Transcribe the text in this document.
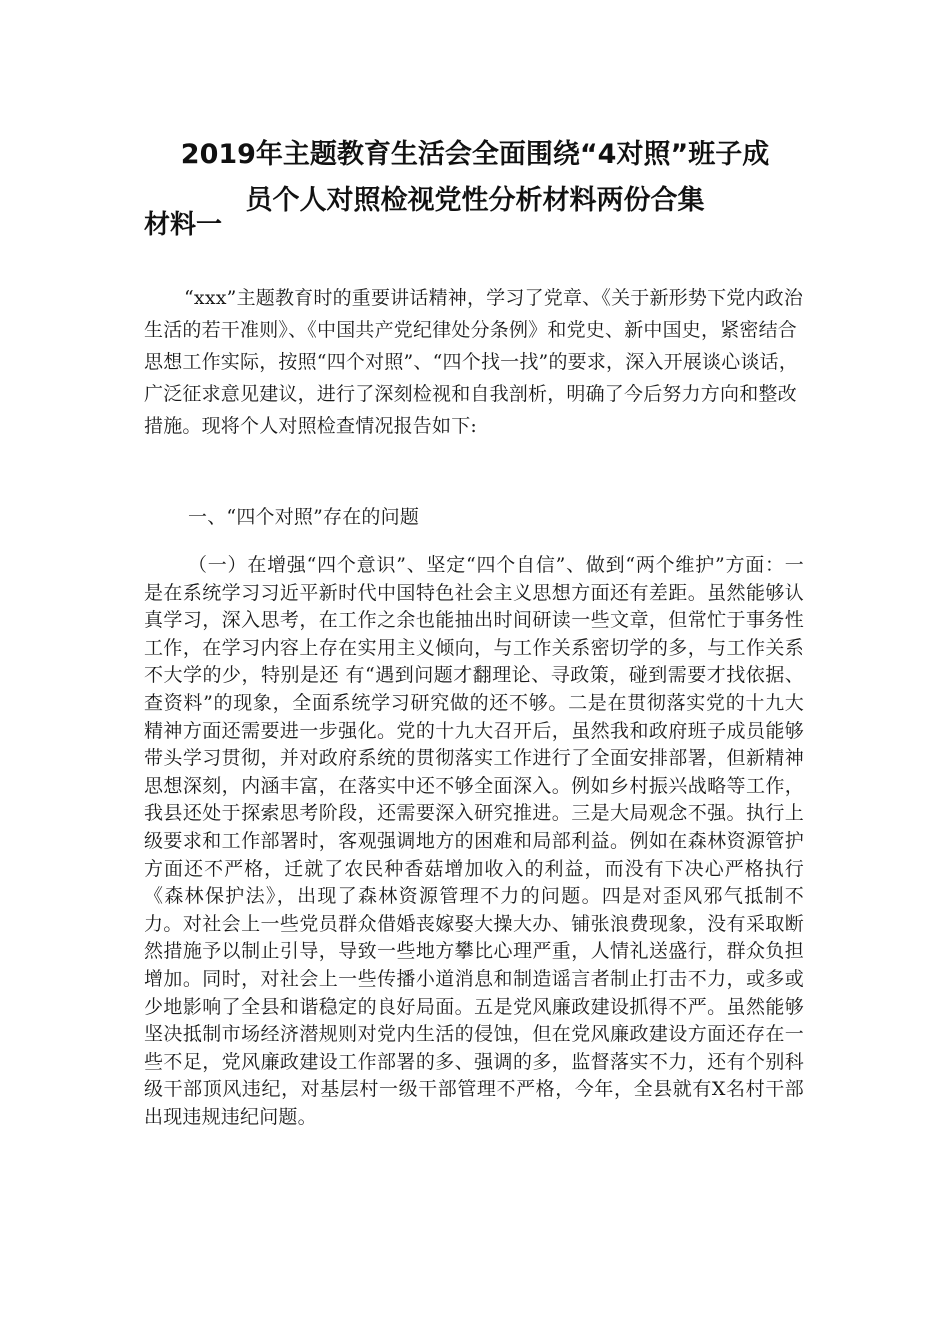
2019年主题教育生活会全面围绕“4对照”班子成
员个人对照检视党性分析材料两份合集
材料一
“xxx”主题教育时的重要讲话精神，学习了党章、《关于新形势下党内政治生活的若干准则》、《中国共产党纪律处分条例》和党史、新中国史，紧密结合思想工作实际，按照“四个对照”、“四个找一找”的要求，深入开展谈心谈话，广泛征求意见建议，进行了深刻检视和自我剖析，明确了今后努力方向和整改措施。现将个人对照检查情况报告如下:
一、“四个对照”存在的问题
（一）在增强“四个意识”、坚定“四个自信”、做到“两个维护”方面：一是在系统学习习近平新时代中国特色社会主义思想方面还有差距。虽然能够认真学习，深入思考，在工作之余也能抽出时间研读一些文章，但常忙于事务性工作，在学习内容上存在实用主义倾向，与工作关系密切学的多，与工作关系不大学的少，特别是还 有“遇到问题才翻理论、寻政策，碰到需要才找依据、查资料”的现象，全面系统学习研究做的还不够。二是在贯彻落实党的十九大精神方面还需要进一步强化。党的十九大召开后，虽然我和政府班子成员能够带头学习贯彻，并对政府系统的贯彻落实工作进行了全面安排部署，但新精神思想深刻，内涵丰富，在落实中还不够全面深入。例如乡村振兴战略等工作，我县还处于探索思考阶段，还需要深入研究推进。三是大局观念不强。执行上级要求和工作部署时，客观强调地方的困难和局部利益。例如在森林资源管护方面还不严格，迁就了农民种香菇增加收入的利益，而没有下决心严格执行《森林保护法》，出现了森林资源管理不力的问题。四是对歪风邪气抵制不力。对社会上一些党员群众借婚丧嫁娶大操大办、铺张浪费现象，没有采取断然措施予以制止引导，导致一些地方攀比心理严重，人情礼送盛行，群众负担增加。同时，对社会上一些传播小道消息和制造谣言者制止打击不力，或多或少地影响了全县和谐稳定的良好局面。五是党风廉政建设抓得不严。虽然能够坚决抵制市场经济潜规则对党内生活的侵蚀，但在党风廉政建设方面还存在一些不足，党风廉政建设工作部署的多、强调的多，监督落实不力，还有个别科级干部顶风违纪，对基层村一级干部管理不严格，今年，全县就有X名村干部出现违规违纪问题。
